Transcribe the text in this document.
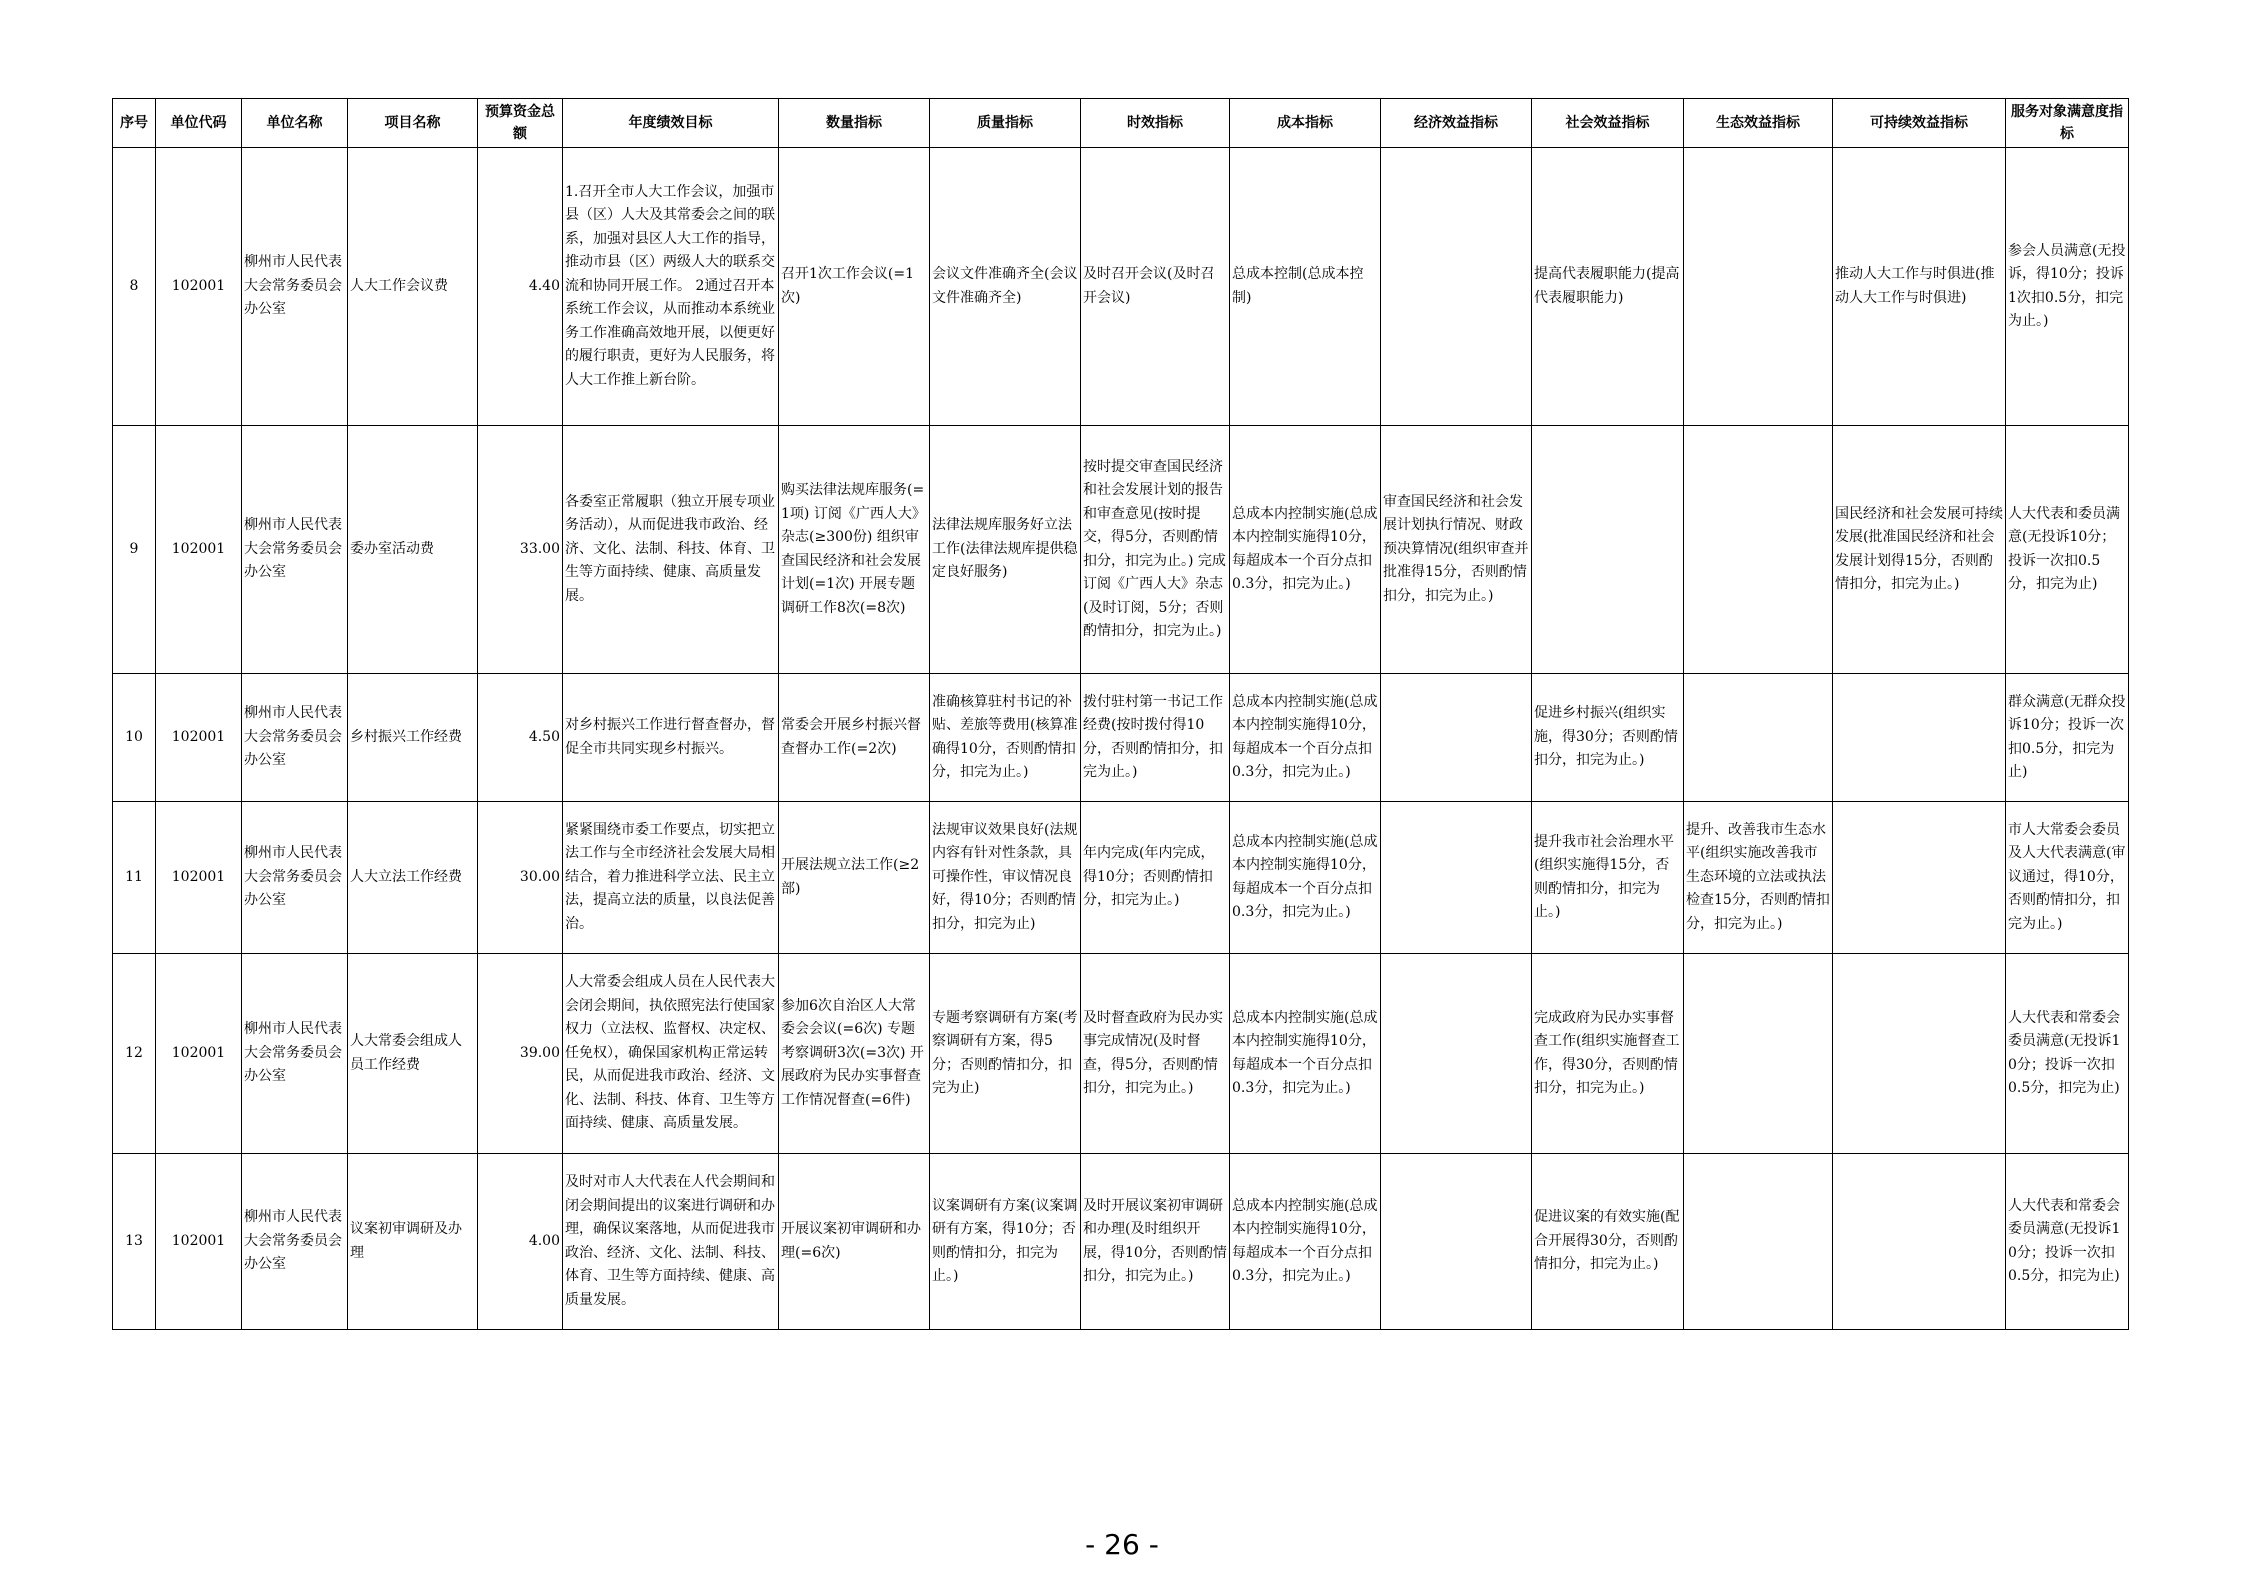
序号	单位代码	单位名称	项目名称	预算资金总额	年度绩效目标	数量指标	质量指标	时效指标	成本指标	经济效益指标	社会效益指标	生态效益指标	可持续效益指标	服务对象满意度指标
8	102001	柳州市人民代表大会常务委员会办公室	人大工作会议费	4.40	1.召开全市人大工作会议，加强市县（区）人大及其常委会之间的联系，加强对县区人大工作的指导，推动市县（区）两级人大的联系交流和协同开展工作。 2通过召开本系统工作会议，从而推动本系统业务工作准确高效地开展，以便更好的履行职责，更好为人民服务，将人大工作推上新台阶。	召开1次工作会议(=1次)	会议文件准确齐全(会议文件准确齐全)	及时召开会议(及时召开会议)	总成本控制(总成本控制)		提高代表履职能力(提高代表履职能力)		推动人大工作与时俱进(推动人大工作与时俱进)	参会人员满意(无投诉，得10分；投诉1次扣0.5分，扣完为止。)
9	102001	柳州市人民代表大会常务委员会办公室	委办室活动费	33.00	各委室正常履职（独立开展专项业务活动），从而促进我市政治、经济、文化、法制、科技、体育、卫生等方面持续、健康、高质量发展。	购买法律法规库服务(=1项) 订阅《广西人大》杂志(≥300份) 组织审查国民经济和社会发展计划(=1次) 开展专题调研工作8次(=8次)	法律法规库服务好立法工作(法律法规库提供稳定良好服务)	按时提交审查国民经济和社会发展计划的报告和审查意见(按时提交，得5分，否则酌情扣分，扣完为止。) 完成订阅《广西人大》杂志(及时订阅，5分；否则酌情扣分，扣完为止。)	总成本内控制实施(总成本内控制实施得10分，每超成本一个百分点扣0.3分，扣完为止。)	审查国民经济和社会发展计划执行情况、财政预决算情况(组织审查并批准得15分，否则酌情扣分，扣完为止。)			国民经济和社会发展可持续发展(批准国民经济和社会发展计划得15分，否则酌情扣分，扣完为止。)	人大代表和委员满意(无投诉10分；投诉一次扣0.5分，扣完为止)
10	102001	柳州市人民代表大会常务委员会办公室	乡村振兴工作经费	4.50	对乡村振兴工作进行督查督办，督促全市共同实现乡村振兴。	常委会开展乡村振兴督查督办工作(=2次)	准确核算驻村书记的补贴、差旅等费用(核算准确得10分，否则酌情扣分，扣完为止。)	拨付驻村第一书记工作经费(按时拨付得10分，否则酌情扣分，扣完为止。)	总成本内控制实施(总成本内控制实施得10分，每超成本一个百分点扣0.3分，扣完为止。)		促进乡村振兴(组织实施，得30分；否则酌情扣分，扣完为止。)			群众满意(无群众投诉10分；投诉一次扣0.5分，扣完为止)
11	102001	柳州市人民代表大会常务委员会办公室	人大立法工作经费	30.00	紧紧围绕市委工作要点，切实把立法工作与全市经济社会发展大局相结合，着力推进科学立法、民主立法，提高立法的质量，以良法促善治。	开展法规立法工作(≥2部)	法规审议效果良好(法规内容有针对性条款，具可操作性，审议情况良好，得10分；否则酌情扣分，扣完为止)	年内完成(年内完成，得10分；否则酌情扣分，扣完为止。)	总成本内控制实施(总成本内控制实施得10分，每超成本一个百分点扣0.3分，扣完为止。)		提升我市社会治理水平(组织实施得15分，否则酌情扣分，扣完为止。)	提升、改善我市生态水平(组织实施改善我市生态环境的立法或执法检查15分，否则酌情扣分，扣完为止。)		市人大常委会委员及人大代表满意(审议通过，得10分，否则酌情扣分，扣完为止。)
12	102001	柳州市人民代表大会常务委员会办公室	人大常委会组成人员工作经费	39.00	人大常委会组成人员在人民代表大会闭会期间，执依照宪法行使国家权力（立法权、监督权、决定权、任免权），确保国家机构正常运转民，从而促进我市政治、经济、文化、法制、科技、体育、卫生等方面持续、健康、高质量发展。	参加6次自治区人大常委会会议(=6次) 专题考察调研3次(=3次) 开展政府为民办实事督查工作情况督查(=6件)	专题考察调研有方案(考察调研有方案，得5分；否则酌情扣分，扣完为止)	及时督查政府为民办实事完成情况(及时督查，得5分，否则酌情扣分，扣完为止。)	总成本内控制实施(总成本内控制实施得10分，每超成本一个百分点扣0.3分，扣完为止。)		完成政府为民办实事督查工作(组织实施督查工作，得30分，否则酌情扣分，扣完为止。)			人大代表和常委会委员满意(无投诉10分；投诉一次扣0.5分，扣完为止)
13	102001	柳州市人民代表大会常务委员会办公室	议案初审调研及办理	4.00	及时对市人大代表在人代会期间和闭会期间提出的议案进行调研和办理，确保议案落地，从而促进我市政治、经济、文化、法制、科技、体育、卫生等方面持续、健康、高质量发展。	开展议案初审调研和办理(=6次)	议案调研有方案(议案调研有方案，得10分；否则酌情扣分，扣完为止。)	及时开展议案初审调研和办理(及时组织开展，得10分，否则酌情扣分，扣完为止。)	总成本内控制实施(总成本内控制实施得10分，每超成本一个百分点扣0.3分，扣完为止。)		促进议案的有效实施(配合开展得30分，否则酌情扣分，扣完为止。)			人大代表和常委会委员满意(无投诉10分；投诉一次扣0.5分，扣完为止)
- 26 -
